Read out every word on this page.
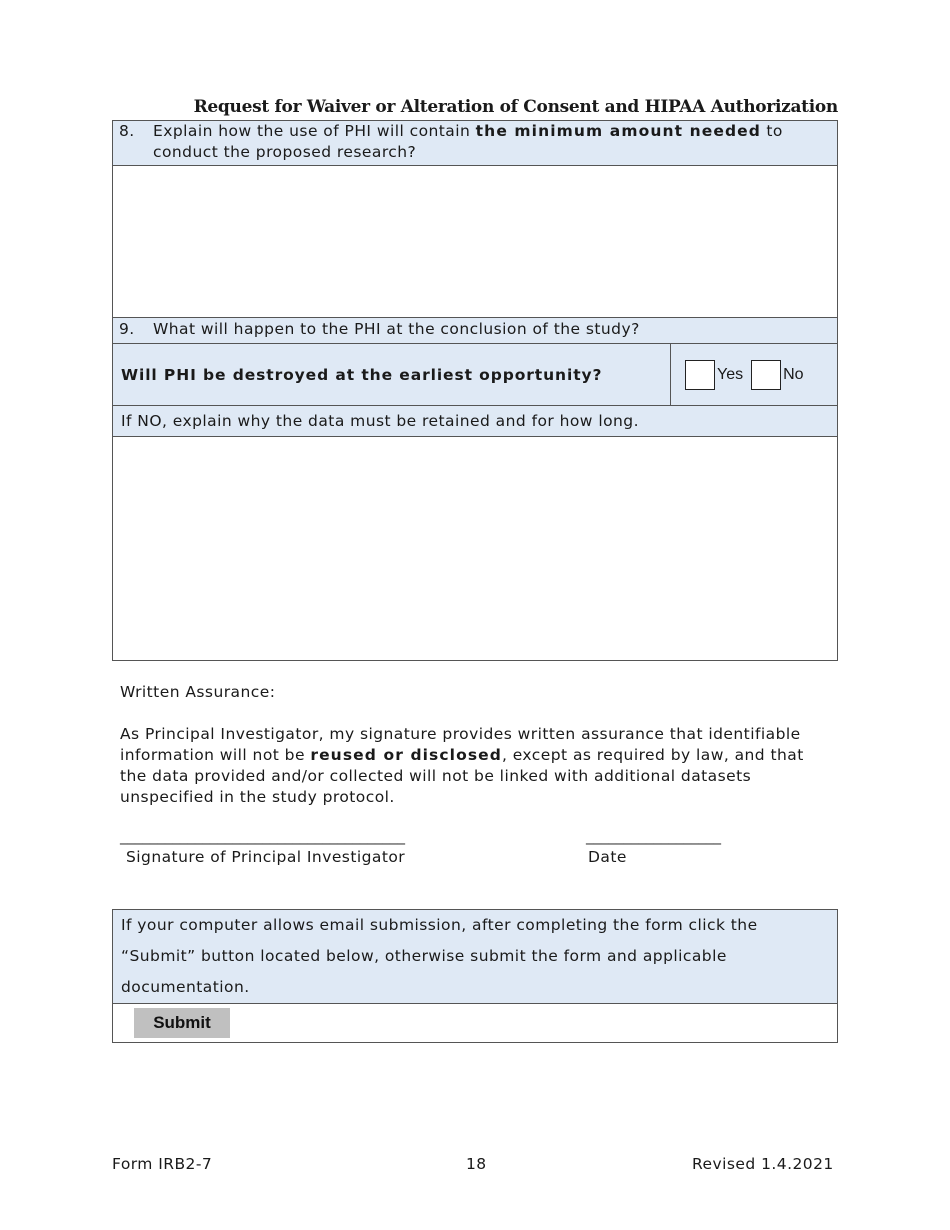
Request for Waiver or Alteration of Consent and HIPAA Authorization
8. Explain how the use of PHI will contain the minimum amount needed to conduct the proposed research?
9. What will happen to the PHI at the conclusion of the study?
Will PHI be destroyed at the earliest opportunity?	Yes	No
If NO, explain why the data must be retained and for how long.
Written Assurance:
As Principal Investigator, my signature provides written assurance that identifiable information will not be reused or disclosed, except as required by law, and that the data provided and/or collected will not be linked with additional datasets unspecified in the study protocol.
______________________________________	__________________
Signature of Principal Investigator	Date
If your computer allows email submission, after completing the form click the “Submit” button located below, otherwise submit the form and applicable documentation.
Submit
Form IRB2-7	18	Revised 1.4.2021
